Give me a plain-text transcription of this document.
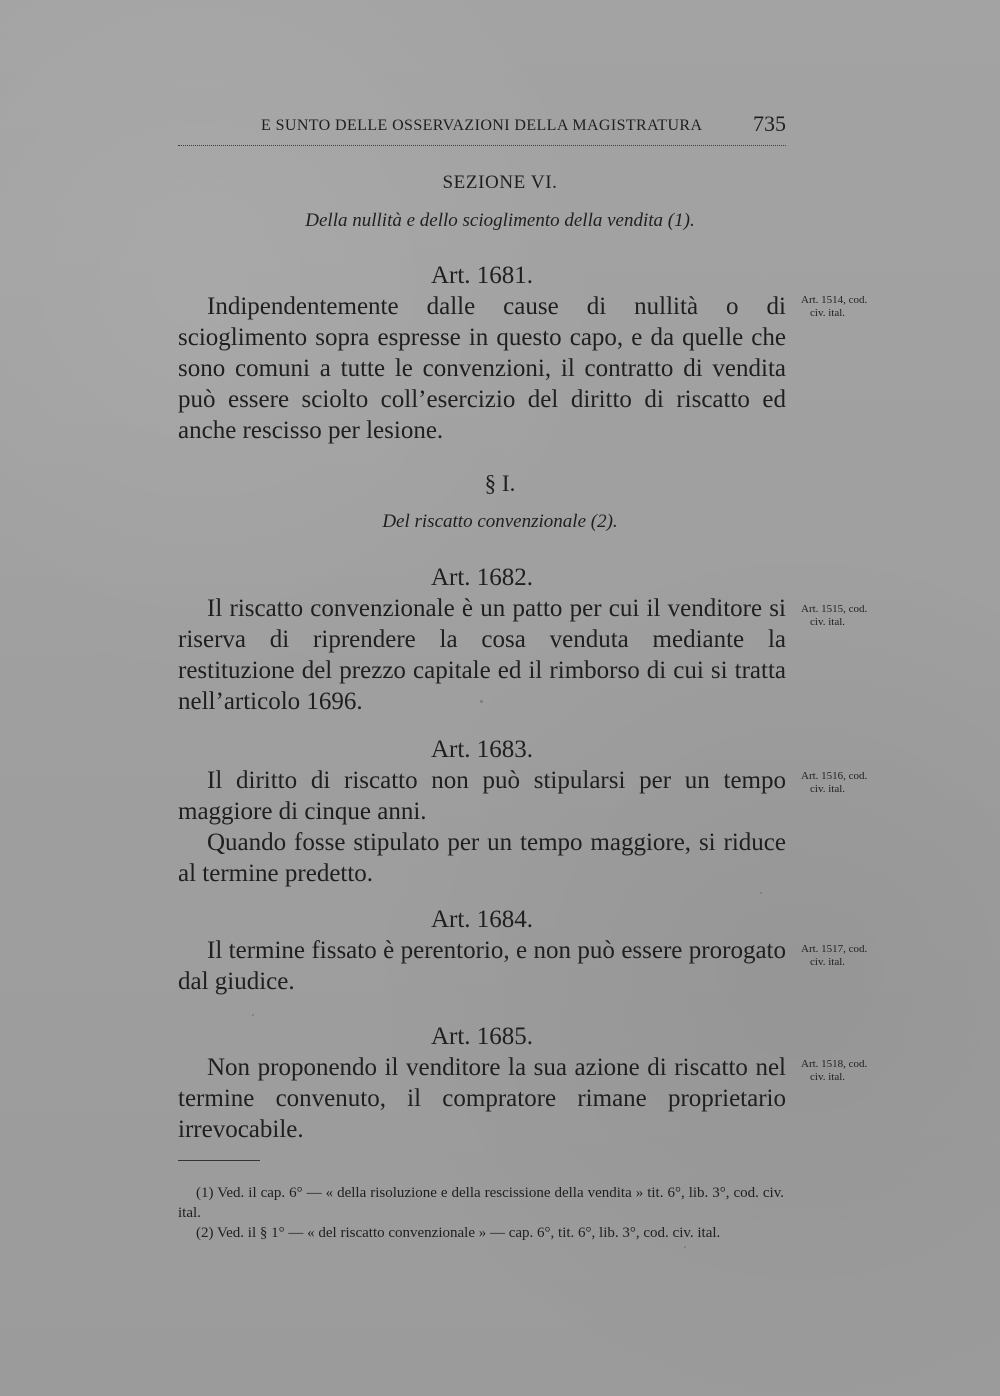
E SUNTO DELLE OSSERVAZIONI DELLA MAGISTRATURA 735
SEZIONE VI.
Della nullità e dello scioglimento della vendita (1).
Art. 1681.

Indipendentemente dalle cause di nullità o di scioglimento sopra espresse in questo capo, e da quelle che sono comuni a tutte le convenzioni, il contratto di vendita può essere sciolto coll’esercizio del diritto di riscatto ed anche rescisso per lesione.

Art. 1514, cod.
civ. ital.
§ I.
Del riscatto convenzionale (2).
Art. 1682.

Il riscatto convenzionale è un patto per cui il venditore si riserva di riprendere la cosa venduta mediante la restituzione del prezzo capitale ed il rimborso di cui si tratta nell’articolo 1696.

Art. 1515, cod.
civ. ital.
Art. 1683.

Il diritto di riscatto non può stipularsi per un tempo maggiore di cinque anni.

Quando fosse stipulato per un tempo maggiore, si riduce al termine predetto.

Art. 1516, cod.
civ. ital.
Art. 1684.

Il termine fissato è perentorio, e non può essere prorogato dal giudice.

Art. 1517, cod.
civ. ital.
Art. 1685.

Non proponendo il venditore la sua azione di riscatto nel termine convenuto, il compratore rimane proprietario irrevocabile.

Art. 1518, cod.
civ. ital.

(1) Ved. il cap. 6° — « della risoluzione e della rescissione della vendita » tit. 6°, lib. 3°, cod. civ. ital.

(2) Ved. il § 1° — « del riscatto convenzionale » — cap. 6°, tit. 6°, lib. 3°, cod. civ. ital.
